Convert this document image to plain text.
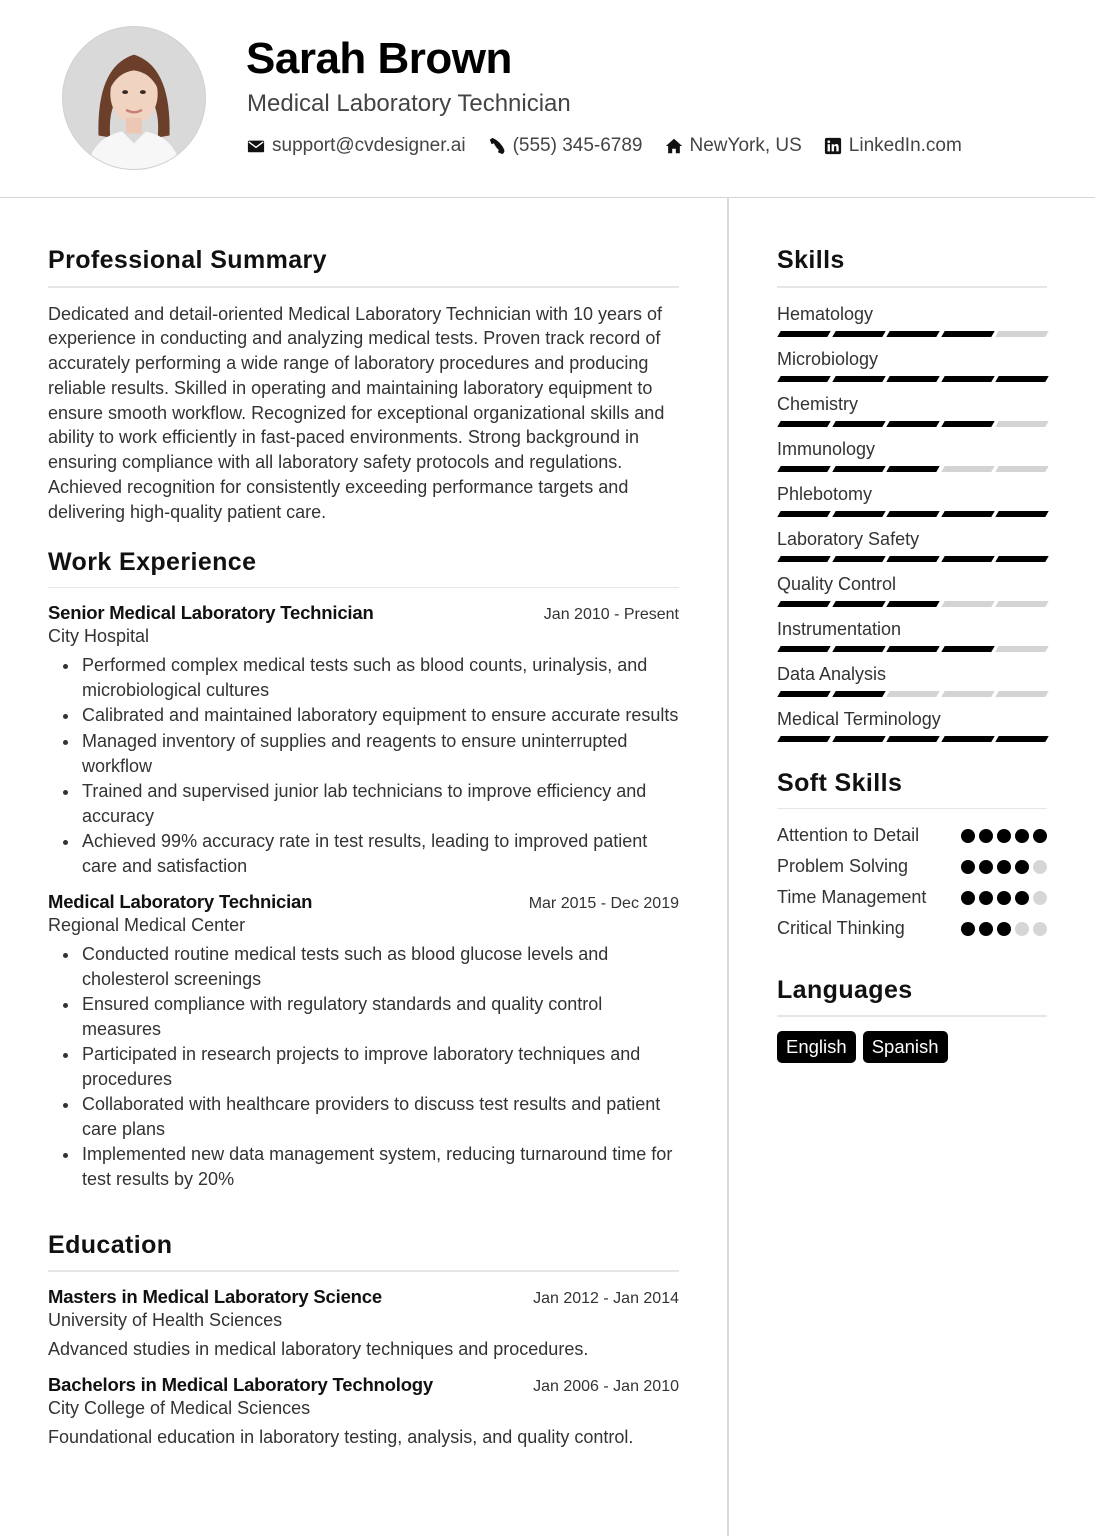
Sarah Brown
Medical Laboratory Technician
support@cvdesigner.ai (555) 345-6789 NewYork, US LinkedIn.com
Professional Summary

Dedicated and detail-oriented Medical Laboratory Technician with 10 years of experience in conducting and analyzing medical tests. Proven track record of accurately performing a wide range of laboratory procedures and producing reliable results. Skilled in operating and maintaining laboratory equipment to ensure smooth workflow. Recognized for exceptional organizational skills and ability to work efficiently in fast-paced environments. Strong background in ensuring compliance with all laboratory safety protocols and regulations. Achieved recognition for consistently exceeding performance targets and delivering high-quality patient care.

Work Experience
Senior Medical Laboratory Technician	Jan 2010 - Present
City Hospital
Performed complex medical tests such as blood counts, urinalysis, and microbiological cultures
Calibrated and maintained laboratory equipment to ensure accurate results
Managed inventory of supplies and reagents to ensure uninterrupted workflow
Trained and supervised junior lab technicians to improve efficiency and accuracy
Achieved 99% accuracy rate in test results, leading to improved patient care and satisfaction
Medical Laboratory Technician	Mar 2015 - Dec 2019
Regional Medical Center
Conducted routine medical tests such as blood glucose levels and cholesterol screenings
Ensured compliance with regulatory standards and quality control measures
Participated in research projects to improve laboratory techniques and procedures
Collaborated with healthcare providers to discuss test results and patient care plans
Implemented new data management system, reducing turnaround time for test results by 20%
Education
Masters in Medical Laboratory Science	Jan 2012 - Jan 2014
University of Health Sciences
Advanced studies in medical laboratory techniques and procedures.
Bachelors in Medical Laboratory Technology	Jan 2006 - Jan 2010
City College of Medical Sciences
Foundational education in laboratory testing, analysis, and quality control.
Skills
Hematology
Microbiology
Chemistry
Immunology
Phlebotomy
Laboratory Safety
Quality Control
Instrumentation
Data Analysis
Medical Terminology
Soft Skills
Attention to Detail
Problem Solving
Time Management
Critical Thinking
Languages
English	Spanish
